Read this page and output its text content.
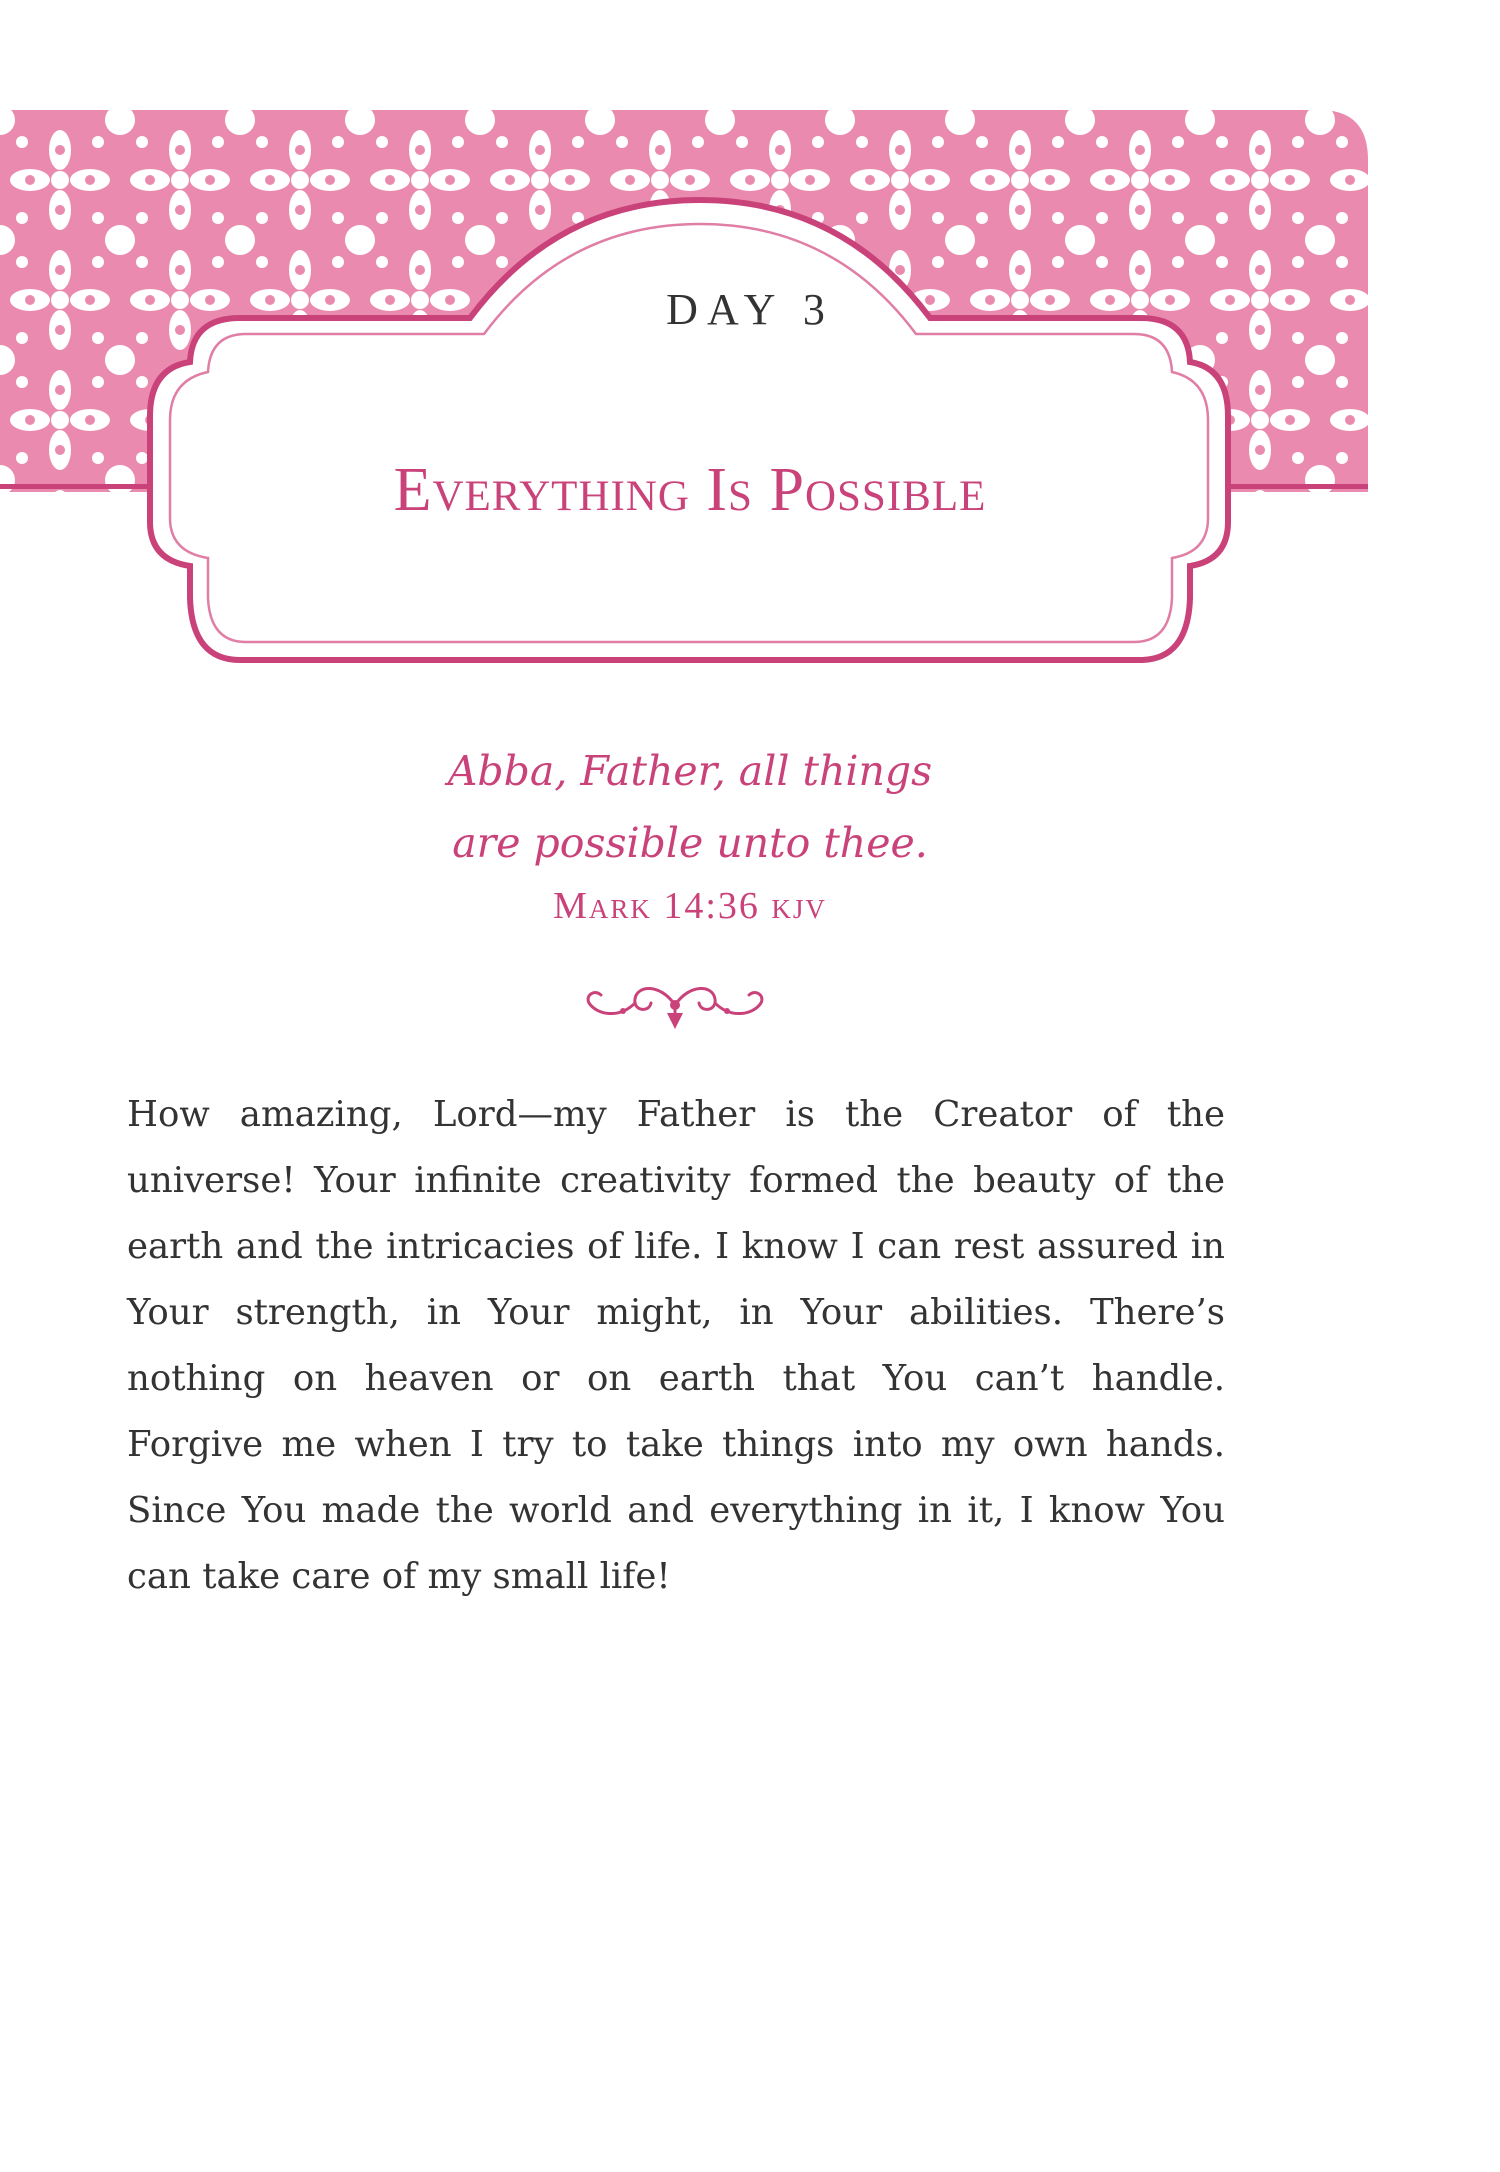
DAY 3
Everything Is Possible
Abba, Father, all things
are possible unto thee.
Mark 14:36 kjv

How amazing, Lord—my Father is the Creator of the universe! Your infinite creativity formed the beauty of the earth and the intricacies of life. I know I can rest assured in Your strength, in Your might, in Your abilities. There’s nothing on heaven or on earth that You can’t handle. Forgive me when I try to take things into my own hands. Since You made the world and everything in it, I know You can take care of my small life!
